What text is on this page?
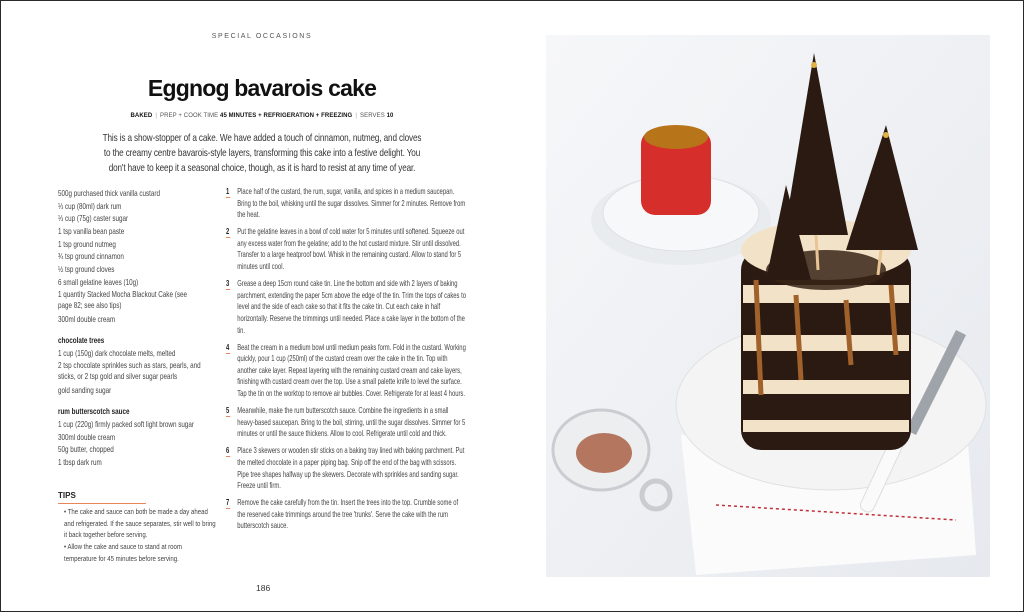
SPECIAL OCCASIONS
Eggnog bavarois cake
BAKED | PREP + COOK TIME 45 MINUTES + REFRIGERATION + FREEZING | SERVES 10
This is a show-stopper of a cake. We have added a touch of cinnamon, nutmeg, and cloves
to the creamy centre bavarois-style layers, transforming this cake into a festive delight. You
don't have to keep it a seasonal choice, though, as it is hard to resist at any time of year.
500g purchased thick vanilla custard
⅓ cup (80ml) dark rum
⅓ cup (75g) caster sugar
1 tsp vanilla bean paste
1 tsp ground nutmeg
¾ tsp ground cinnamon
½ tsp ground cloves
6 small gelatine leaves (10g)
1 quantity Stacked Mocha Blackout Cake (see page 82; see also tips)
300ml double cream
chocolate trees
1 cup (150g) dark chocolate melts, melted
2 tsp chocolate sprinkles such as stars, pearls, and sticks, or 2 tsp gold and silver sugar pearls
gold sanding sugar
rum butterscotch sauce
1 cup (220g) firmly packed soft light brown sugar
300ml double cream
50g butter, chopped
1 tbsp dark rum
TIPS
• The cake and sauce can both be made a day ahead and refrigerated. If the sauce separates, stir well to bring it back together before serving.
• Allow the cake and sauce to stand at room temperature for 45 minutes before serving.
1 Place half of the custard, the rum, sugar, vanilla, and spices in a medium saucepan. Bring to the boil, whisking until the sugar dissolves. Simmer for 2 minutes. Remove from the heat.
2 Put the gelatine leaves in a bowl of cold water for 5 minutes until softened. Squeeze out any excess water from the gelatine; add to the hot custard mixture. Stir until dissolved. Transfer to a large heatproof bowl. Whisk in the remaining custard. Allow to stand for 5 minutes until cool.
3 Grease a deep 15cm round cake tin. Line the bottom and side with 2 layers of baking parchment, extending the paper 5cm above the edge of the tin. Trim the tops of cakes to level and the side of each cake so that it fits the cake tin. Cut each cake in half horizontally. Reserve the trimmings until needed. Place a cake layer in the bottom of the tin.
4 Beat the cream in a medium bowl until medium peaks form. Fold in the custard. Working quickly, pour 1 cup (250ml) of the custard cream over the cake in the tin. Top with another cake layer. Repeat layering with the remaining custard cream and cake layers, finishing with custard cream over the top. Use a small palette knife to level the surface. Tap the tin on the worktop to remove air bubbles. Cover. Refrigerate for at least 4 hours.
5 Meanwhile, make the rum butterscotch sauce. Combine the ingredients in a small heavy-based saucepan. Bring to the boil, stirring, until the sugar dissolves. Simmer for 5 minutes or until the sauce thickens. Allow to cool. Refrigerate until cold and thick.
6 Place 3 skewers or wooden stir sticks on a baking tray lined with baking parchment. Put the melted chocolate in a paper piping bag. Snip off the end of the bag with scissors. Pipe tree shapes halfway up the skewers. Decorate with sprinkles and sanding sugar. Freeze until firm.
7 Remove the cake carefully from the tin. Insert the trees into the top. Crumble some of the reserved cake trimmings around the tree 'trunks'. Serve the cake with the rum butterscotch sauce.
186
